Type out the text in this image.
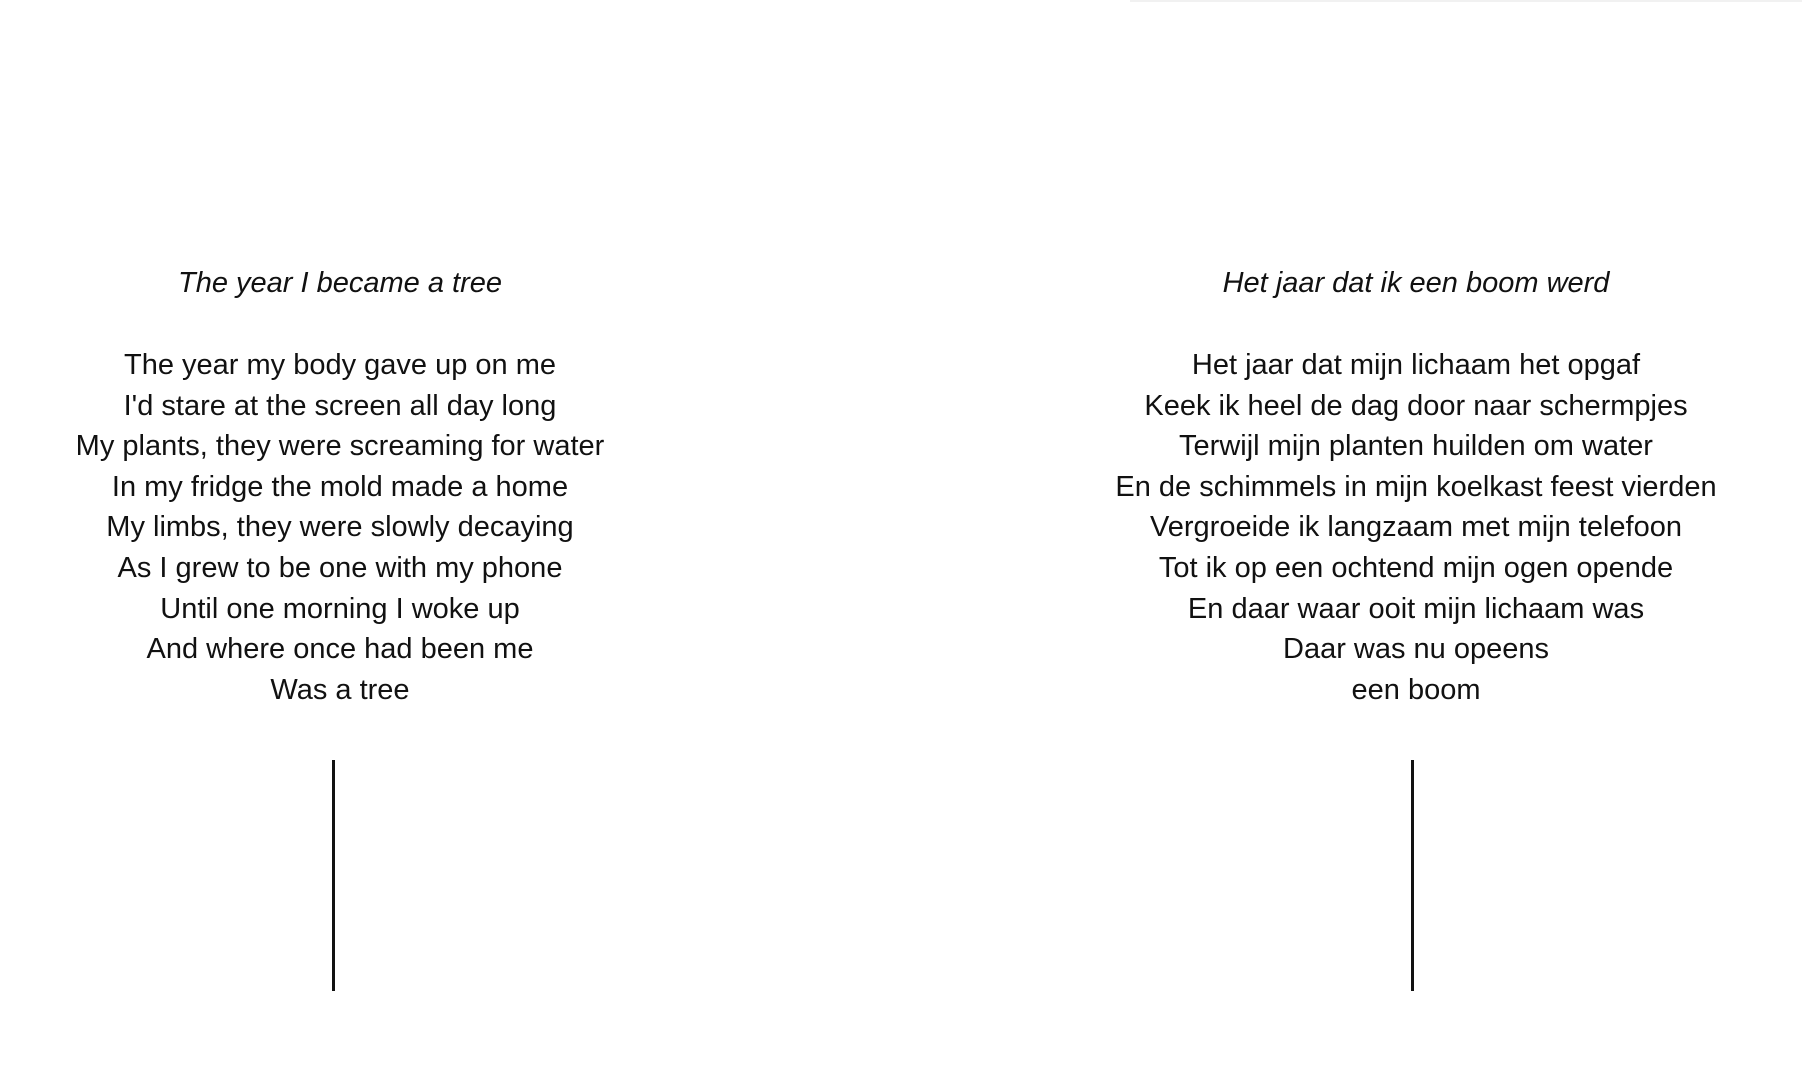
The year I became a tree
The year my body gave up on me
I'd stare at the screen all day long
My plants, they were screaming for water
In my fridge the mold made a home
My limbs, they were slowly decaying
As I grew to be one with my phone
Until one morning I woke up
And where once had been me
Was a tree
Het jaar dat ik een boom werd
Het jaar dat mijn lichaam het opgaf
Keek ik heel de dag door naar schermpjes
Terwijl mijn planten huilden om water
En de schimmels in mijn koelkast feest vierden
Vergroeide ik langzaam met mijn telefoon
Tot ik op een ochtend mijn ogen opende
En daar waar ooit mijn lichaam was
Daar was nu opeens
een boom
